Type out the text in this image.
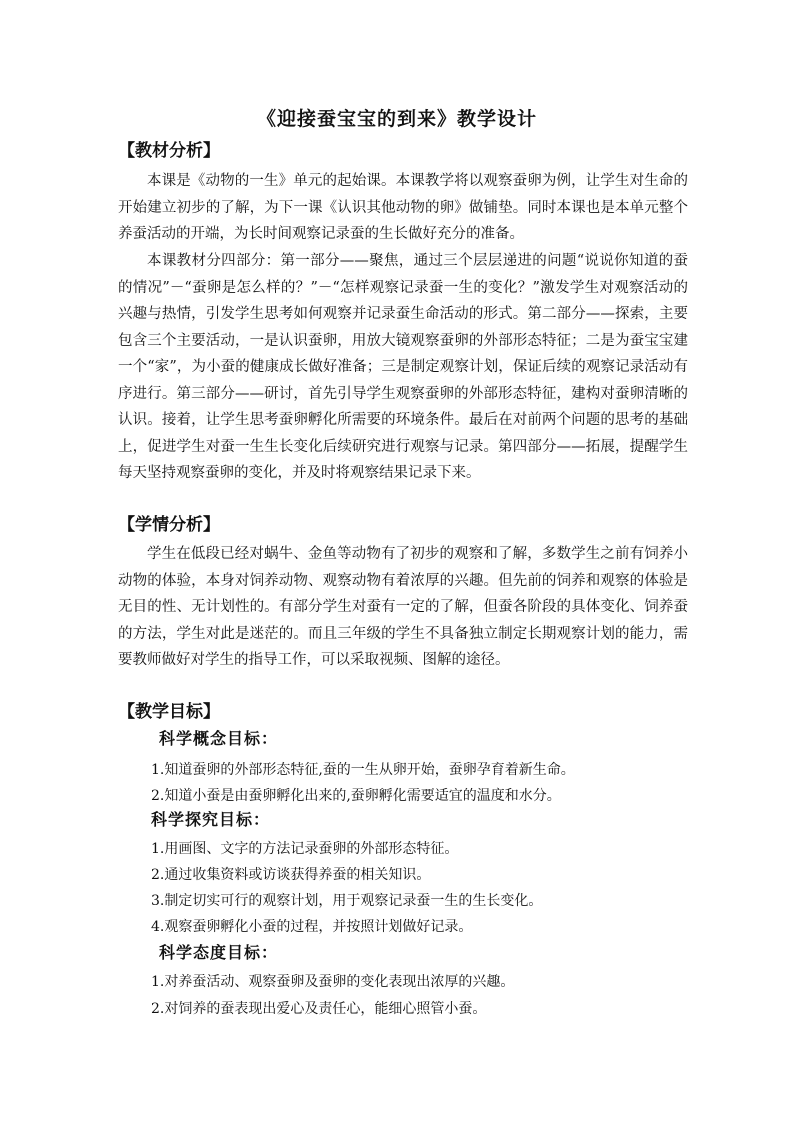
《迎接蚕宝宝的到来》教学设计
【教材分析】

本课是《动物的一生》单元的起始课。本课教学将以观察蚕卵为例，让学生对生命的开始建立初步的了解，为下一课《认识其他动物的卵》做铺垫。同时本课也是本单元整个养蚕活动的开端，为长时间观察记录蚕的生长做好充分的准备。

本课教材分四部分：第一部分——聚焦，通过三个层层递进的问题“说说你知道的蚕的情况”－“蚕卵是怎么样的？”－“怎样观察记录蚕一生的变化？”激发学生对观察活动的兴趣与热情，引发学生思考如何观察并记录蚕生命活动的形式。第二部分——探索，主要包含三个主要活动，一是认识蚕卵，用放大镜观察蚕卵的外部形态特征；二是为蚕宝宝建一个“家”，为小蚕的健康成长做好准备；三是制定观察计划，保证后续的观察记录活动有序进行。第三部分——研讨，首先引导学生观察蚕卵的外部形态特征，建构对蚕卵清晰的认识。接着，让学生思考蚕卵孵化所需要的环境条件。最后在对前两个问题的思考的基础上，促进学生对蚕一生生长变化后续研究进行观察与记录。第四部分——拓展，提醒学生每天坚持观察蚕卵的变化，并及时将观察结果记录下来。

【学情分析】

学生在低段已经对蜗牛、金鱼等动物有了初步的观察和了解，多数学生之前有饲养小动物的体验，本身对饲养动物、观察动物有着浓厚的兴趣。但先前的饲养和观察的体验是无目的性、无计划性的。有部分学生对蚕有一定的了解，但蚕各阶段的具体变化、饲养蚕的方法，学生对此是迷茫的。而且三年级的学生不具备独立制定长期观察计划的能力，需要教师做好对学生的指导工作，可以采取视频、图解的途径。

【教学目标】
科学概念目标：
1.知道蚕卵的外部形态特征,蚕的一生从卵开始，蚕卵孕育着新生命。
2.知道小蚕是由蚕卵孵化出来的,蚕卵孵化需要适宜的温度和水分。
科学探究目标：
1.用画图、文字的方法记录蚕卵的外部形态特征。
2.通过收集资料或访谈获得养蚕的相关知识。
3.制定切实可行的观察计划，用于观察记录蚕一生的生长变化。
4.观察蚕卵孵化小蚕的过程，并按照计划做好记录。
科学态度目标：
1.对养蚕活动、观察蚕卵及蚕卵的变化表现出浓厚的兴趣。
2.对饲养的蚕表现出爱心及责任心，能细心照管小蚕。
